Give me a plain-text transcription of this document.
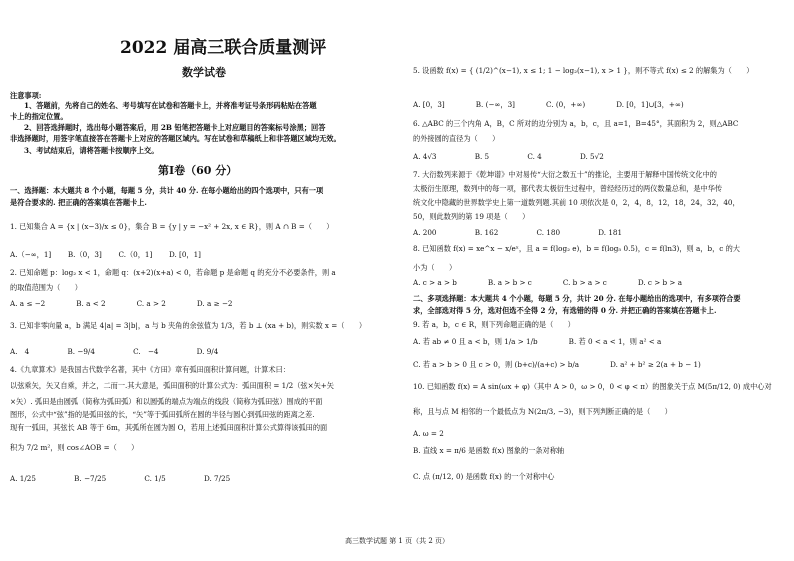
2022 届高三联合质量测评
数学试卷
注意事项:
1、答题前，先将自己的姓名、考号填写在试卷和答题卡上，并将准考证号条形码粘贴在答题
卡上的指定位置。
2、回答选择题时，选出每小题答案后，用 2B 铅笔把答题卡上对应题目的答案标号涂黑；回答
非选择题时，用签字笔直接答在答题卡上对应的答题区域内。写在试卷和草稿纸上和非答题区域均无效。
3、考试结束后，请将答题卡按顺序上交。
第Ⅰ卷（60 分）
一、选择题：本大题共 8 个小题，每题 5 分，共计 40 分. 在每小题给出的四个选项中，只有一项
是符合要求的. 把正确的答案填在答题卡上.
1. 已知集合 A = {x | (x−3)/x ≤ 0}，集合 B = {y | y = −x² + 2x, x ∈ R}，则 A ∩ B =（　　）
A.（−∞，1]　　 B.（0，3]　　 C.（0，1]　　 D. [0，1]
2. 已知命题 p：log₂ x < 1，命题 q：(x+2)(x+a) < 0，若命题 p 是命题 q 的充分不必要条件，则 a
的取值范围为（　　）
A. a ≤ −2　　　　 B. a < 2　　　　 C. a > 2　　　　 D. a ≥ −2
3. 已知非零向量 a，b 满足 4|a| = 3|b|，a 与 b 夹角的余弦值为 1/3，若 b ⊥ (xa + b)，则实数 x =（　　）
A.　4　　　　　 B. −9/4　　　　　 C.　−4　　　　　 D. 9/4
4.《九章算术》是我国古代数学名著，其中《方田》章有弧田面积计算问题，计算术曰：
以弦乘矢，矢又自乘，并之，二而一.其大意是，弧田面积的计算公式为：弧田面积 = 1/2（弦×矢+矢
×矢）. 弧田是由圆弧（简称为弧田弧）和以圆弧的端点为端点的线段（简称为弧田弦）围成的平面
图形，公式中“弦”指的是弧田弦的长，“矢”等于弧田弧所在圆的半径与圆心到弧田弦的距离之差.
现有一弧田，其弦长 AB 等于 6m，其弧所在圆为圆 O，若用上述弧田面积计算公式算得该弧田的面
积为 7/2 m²，则 cos∠AOB =（　　）
A. 1/25　　　　　 B. −7/25　　　　　 C. 1/5　　　　　 D. 7/25
5. 设函数 f(x) = { (1/2)^(x−1), x ≤ 1; 1 − log₂(x−1), x > 1 }，则不等式 f(x) ≤ 2 的解集为（　　）
A. [0，3]　　　　 B. (−∞，3]　　　　 C. (0，+∞)　　　　 D. [0，1]∪[3，+∞)
6. △ABC 的三个内角 A，B，C 所对的边分别为 a，b，c，且 a=1，B=45°，其面积为 2，则△ABC
的外接圆的直径为（　　）
A. 4√3　　　　　 B. 5　　　　　 C. 4　　　　　 D. 5√2
7. 大衍数列来源于《乾坤谱》中对易传“大衍之数五十”的推论，主要用于解释中国传统文化中的
太极衍生原理，数列中的每一项，都代表太极衍生过程中，曾经经历过的两仪数量总和，是中华传
统文化中隐藏的世界数学史上第一道数列题.其前 10 项依次是 0，2，4，8，12，18，24，32，40，
50，则此数列的第 19 项是（　　）
A. 200　　　　　 B. 162　　　　　 C. 180　　　　　 D. 181
8. 已知函数 f(x) = xe^x − x/eˣ，且 a = f(log₂ e)，b = f(log₅ 0.5)，c = f(ln3)，则 a，b，c 的大
小为（　　）
A. c > a > b　　　　 B. a > b > c　　　　 C. b > a > c　　　　 D. c > b > a
二、多项选择题：本大题共 4 个小题，每题 5 分，共计 20 分. 在每小题给出的选项中，有多项符合要
求，全部选对得 5 分，选对但选不全得 2 分，有选错的得 0 分. 并把正确的答案填在答题卡上.
9. 若 a，b，c ∈ R，则下列命题正确的是（　　）
A. 若 ab ≠ 0 且 a < b，则 1/a > 1/b　　　　 B. 若 0 < a < 1，则 a² < a
C. 若 a > b > 0 且 c > 0，则 (b+c)/(a+c) > b/a　　　　 D. a² + b² ≥ 2(a + b − 1)
10. 已知函数 f(x) = A sin(ωx + φ)（其中 A > 0，ω > 0，0 < φ < π）的图象关于点 M(5π/12, 0) 成中心对
称，且与点 M 相邻的一个最低点为 N(2π/3, −3)，则下列判断正确的是（　　）
A. ω = 2
B. 直线 x = π/6 是函数 f(x) 图象的一条对称轴
C. 点 (π/12, 0) 是函数 f(x) 的一个对称中心
高三数学试题 第 1 页（共 2 页）
